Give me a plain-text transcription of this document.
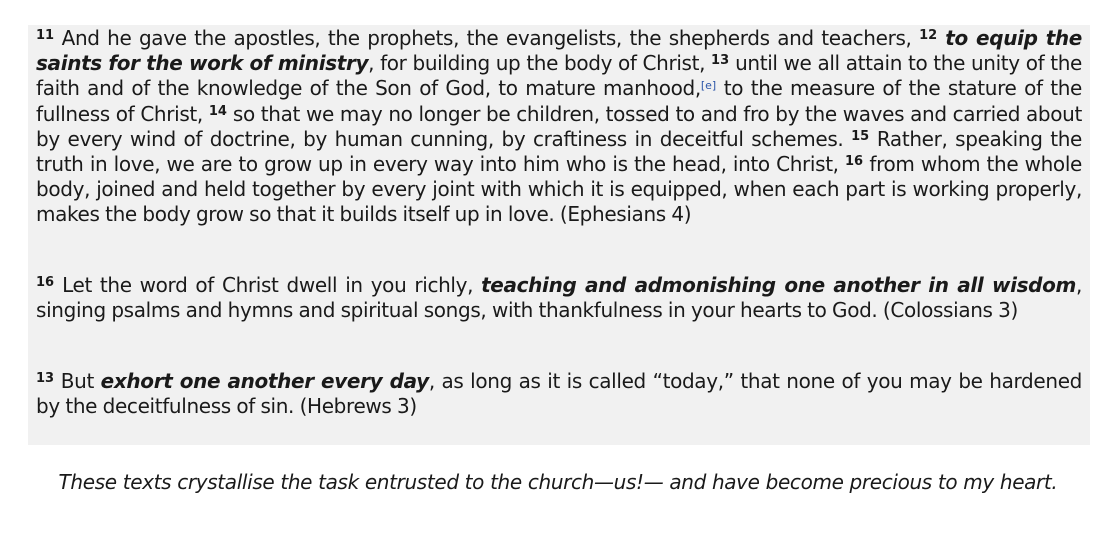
$^{11}$ And he gave the apostles, the prophets, the evangelists, the shepherds and teachers, $^{12}$ to equip the saints for the work of ministry, for building up the body of Christ, $^{13}$ until we all attain to the unity of the faith and of the knowledge of the Son of God, to mature manhood,[e] to the measure of the stature of the fullness of Christ, $^{14}$ so that we may no longer be children, tossed to and fro by the waves and carried about by every wind of doctrine, by human cunning, by craftiness in deceitful schemes. $^{15}$ Rather, speaking the truth in love, we are to grow up in every way into him who is the head, into Christ, $^{16}$ from whom the whole body, joined and held together by every joint with which it is equipped, when each part is working properly, makes the body grow so that it builds itself up in love. (Ephesians 4)

$^{16}$ Let the word of Christ dwell in you richly, teaching and admonishing one another in all wisdom, singing psalms and hymns and spiritual songs, with thankfulness in your hearts to God. (Colossians 3)

$^{13}$ But exhort one another every day, as long as it is called “today,” that none of you may be hardened by the deceitfulness of sin. (Hebrews 3)

These texts crystallise the task entrusted to the church—us!— and have become precious to my heart.
